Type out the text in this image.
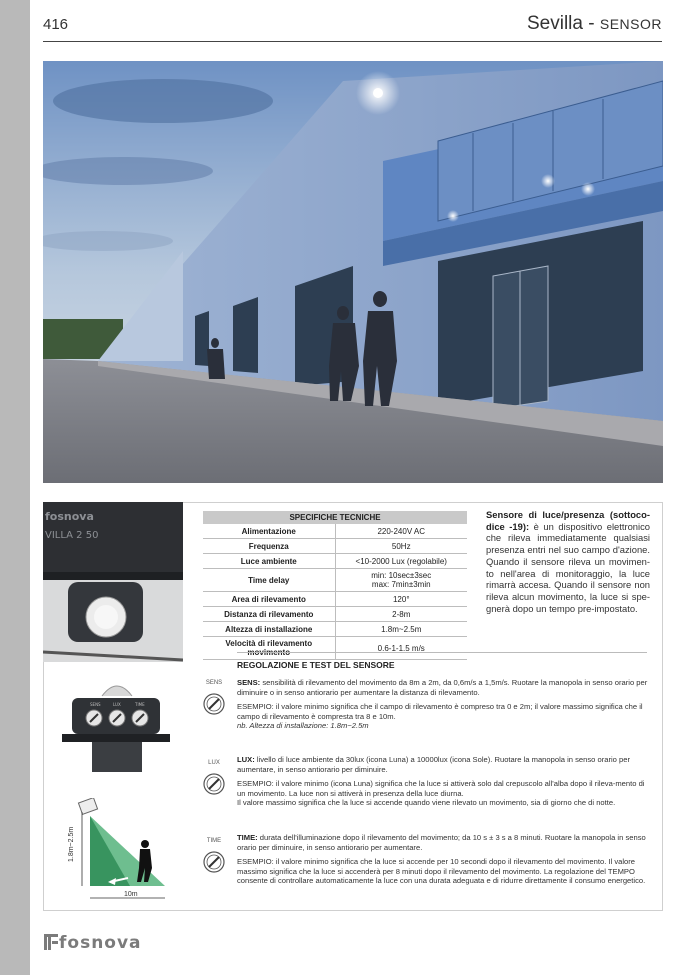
416	Sevilla - SENSOR
fosnova
VILLA 2 50
SPECIFICHE TECNICHE	
Alimentazione	220-240V AC
Frequenza	50Hz
Luce ambiente	<10-2000 Lux (regolabile)
Time delay	min: 10sec±3sec
max: 7min±3min

Area di rilevamento	120°
Distanza di rilevamento	2-8m
Altezza di installazione	1.8m~2.5m
Velocità di rilevamento	0.6-1-1.5 m/s
Sensore di luce/presenza (sottoco-dice -19): è un dispositivo elettronico che rileva immediatamente qualsiasi presenza entri nel suo campo d'azione. Quando il sensore rileva un movimen-to nell'area di monitoraggio, la luce rimarrà accesa. Quando il sensore non rileva alcun movimento, la luce si spe-gnerà dopo un tempo pre-impostato.
REGOLAZIONE E TEST DEL SENSORE
SENS	LUX	TIME
1.8m~2.5m
10m
SENS	SENS: sensibilità di rilevamento del movimento da 8m a 2m, da 0,6m/s a 1,5m/s. Ruotare la manopola in senso orario per diminuire o in senso antiorario per aumentare la distanza di rilevamento.

ESEMPIO: il valore minimo significa che il campo di rilevamento è compreso tra 0 e 2m; il valore massimo significa che il campo di rilevamento è compresta tra 8 e 10m.

nb. Altezza di installazione: 1.8m~2.5m

LUX	LUX: livello di luce ambiente da 30lux (icona Luna) a 10000lux (icona Sole). Ruotare la manopola in senso orario per aumentare, in senso antiorario per diminuire.

ESEMPIO: il valore minimo (icona Luna) significa che la luce si attiverà solo dal crepuscolo all'alba dopo il rileva-mento di un movimento. La luce non si attiverà in presenza della luce diurna.

Il valore massimo significa che la luce si accende quando viene rilevato un movimento, sia di giorno che di notte.

TIME	TIME: durata dell'illuminazione dopo il rilevamento del movimento; da 10 s ± 3 s a 8 minuti. Ruotare la manopola in senso orario per diminuire, in senso antiorario per aumentare.

ESEMPIO: il valore minimo significa che la luce si accende per 10 secondi dopo il rilevamento del movimento. Il valore massimo significa che la luce si accenderà per 8 minuti dopo il rilevamento del movimento. La regolazione del TEMPO consente di controllare automaticamente la luce con una durata adeguata e di ridurre direttamente il consumo energetico.

fosnova
